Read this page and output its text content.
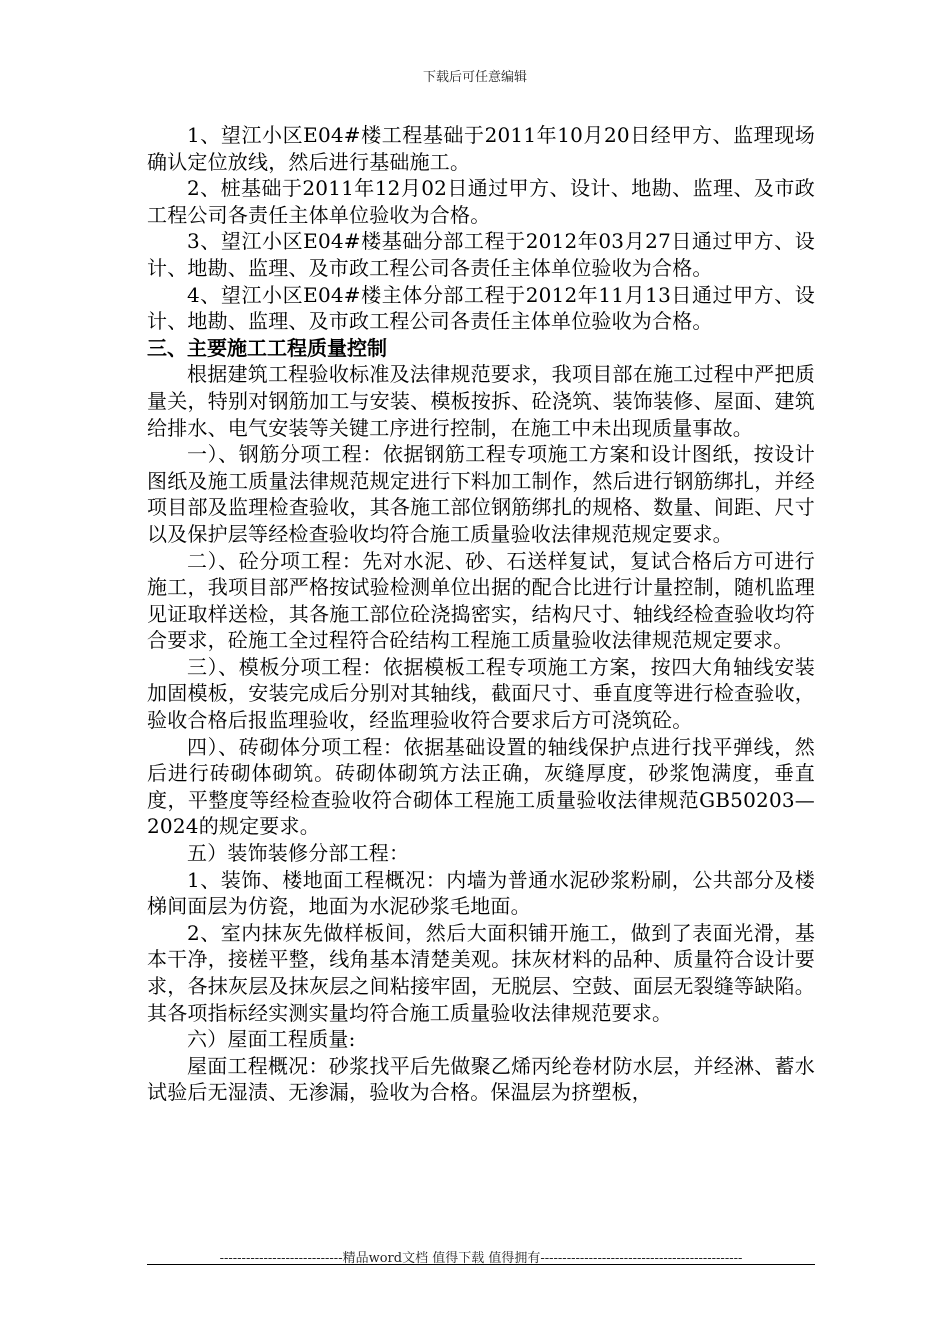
下载后可任意编辑

1、望江小区E04#楼工程基础于2011年10月20日经甲方、监理现场确认定位放线，然后进行基础施工。

2、桩基础于2011年12月02日通过甲方、设计、地勘、监理、及市政工程公司各责任主体单位验收为合格。

3、望江小区E04#楼基础分部工程于2012年03月27日通过甲方、设计、地勘、监理、及市政工程公司各责任主体单位验收为合格。

4、望江小区E04#楼主体分部工程于2012年11月13日通过甲方、设计、地勘、监理、及市政工程公司各责任主体单位验收为合格。

三、主要施工工程质量控制

根据建筑工程验收标准及法律规范要求，我项目部在施工过程中严把质量关，特别对钢筋加工与安装、模板按拆、砼浇筑、装饰装修、屋面、建筑给排水、电气安装等关键工序进行控制，在施工中未出现质量事故。

一）、钢筋分项工程：依据钢筋工程专项施工方案和设计图纸，按设计图纸及施工质量法律规范规定进行下料加工制作，然后进行钢筋绑扎，并经项目部及监理检查验收，其各施工部位钢筋绑扎的规格、数量、间距、尺寸以及保护层等经检查验收均符合施工质量验收法律规范规定要求。

二）、砼分项工程：先对水泥、砂、石送样复试，复试合格后方可进行施工，我项目部严格按试验检测单位出据的配合比进行计量控制，随机监理见证取样送检，其各施工部位砼浇捣密实，结构尺寸、轴线经检查验收均符合要求，砼施工全过程符合砼结构工程施工质量验收法律规范规定要求。

三）、模板分项工程：依据模板工程专项施工方案，按四大角轴线安装加固模板，安装完成后分别对其轴线，截面尺寸、垂直度等进行检查验收，验收合格后报监理验收，经监理验收符合要求后方可浇筑砼。

四）、砖砌体分项工程：依据基础设置的轴线保护点进行找平弹线，然后进行砖砌体砌筑。砖砌体砌筑方法正确，灰缝厚度，砂浆饱满度，垂直度，平整度等经检查验收符合砌体工程施工质量验收法律规范GB50203—2024的规定要求。

五）装饰装修分部工程：

1、装饰、楼地面工程概况：内墙为普通水泥砂浆粉刷，公共部分及楼梯间面层为仿瓷，地面为水泥砂浆毛地面。

2、室内抹灰先做样板间，然后大面积铺开施工，做到了表面光滑，基本干净，接槎平整，线角基本清楚美观。抹灰材料的品种、质量符合设计要求，各抹灰层及抹灰层之间粘接牢固，无脱层、空鼓、面层无裂缝等缺陷。其各项指标经实测实量均符合施工质量验收法律规范要求。

六）屋面工程质量:

屋面工程概况：砂浆找平后先做聚乙烯丙纶卷材防水层，并经淋、蓄水试验后无湿渍、无渗漏，验收为合格。保温层为挤塑板，

----------------------------精品word文档 值得下载 值得拥有----------------------------------------------
